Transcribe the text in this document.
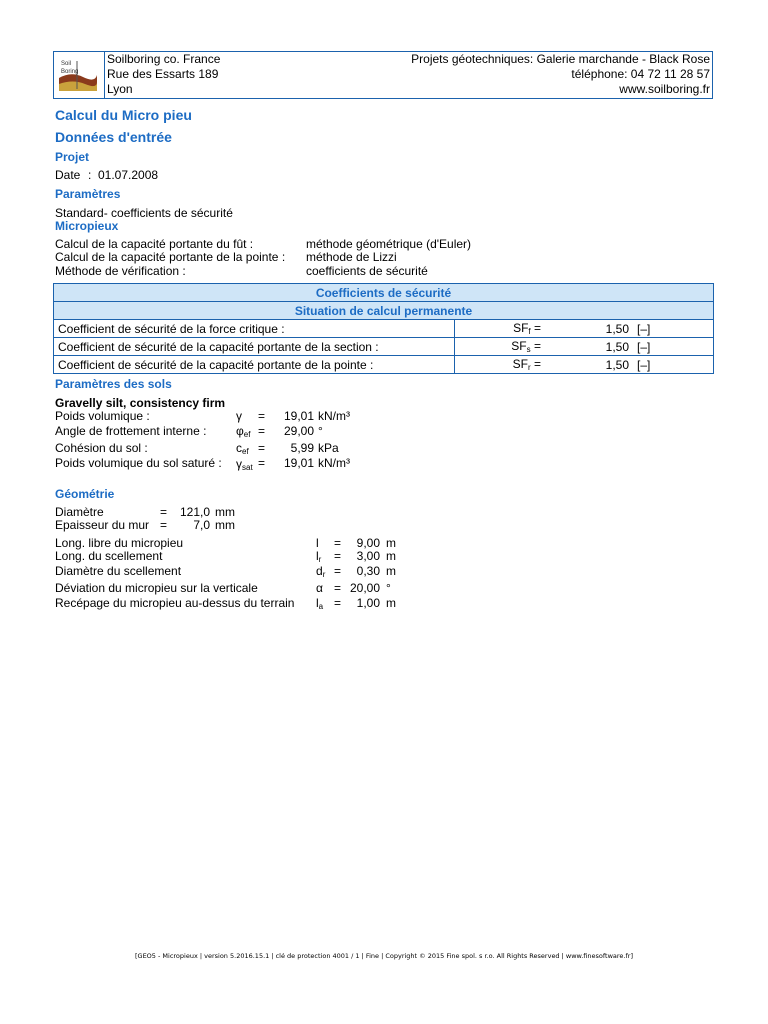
Soil
Boring
Soilboring co. France
Rue des Essarts 189
Lyon
Projets géotechniques: Galerie marchande - Black Rose
téléphone: 04 72 11 28 57
www.soilboring.fr
Calcul du Micro pieu
Données d'entrée
Projet
Date : 01.07.2008
Paramètres
Standard- coefficients de sécurité
Micropieux
Calcul de la capacité portante du fût :	méthode géométrique (d'Euler)
Calcul de la capacité portante de la pointe : méthode de Lizzi
Méthode de vérification :	coefficients de sécurité
Coefficients de sécurité			
Situation de calcul permanente			
Coefficient de sécurité de la force critique :	$SF_f$ =	1,50	[–]
Coefficient de sécurité de la capacité portante de la section :	$SF_s$ =	1,50	[–]
Coefficient de sécurité de la capacité portante de la pointe :	$SF_r$ =	1,50	[–]
Paramètres des sols
Gravelly silt, consistency firm
Poids volumique :	γ =	19,01 kN/m³
Angle de frottement interne : $\varphi_{ef}$ =	29,00 °
Cohésion du sol :	$c_{ef}$ =	5,99 kPa
Poids volumique du sol saturé : $\gamma_{sat}$ =	19,01 kN/m³
Géométrie
Diamètre	=	121,0 mm
Epaisseur du mur =	7,0 mm
Long. libre du micropieu	l =	9,00 m
Long. du scellement	$l_r$ =	3,00 m
Diamètre du scellement	$d_r$ =	0,30 m
Déviation du micropieu sur la verticale	α = 20,00 °
Recépage du micropieu au-dessus du terrain $l_a$ =	1,00 m
[GEO5 - Micropieux | version 5.2016.15.1 | clé de protection 4001 / 1 | Fine | Copyright © 2015 Fine spol. s r.o. All Rights Reserved | www.finesoftware.fr]
